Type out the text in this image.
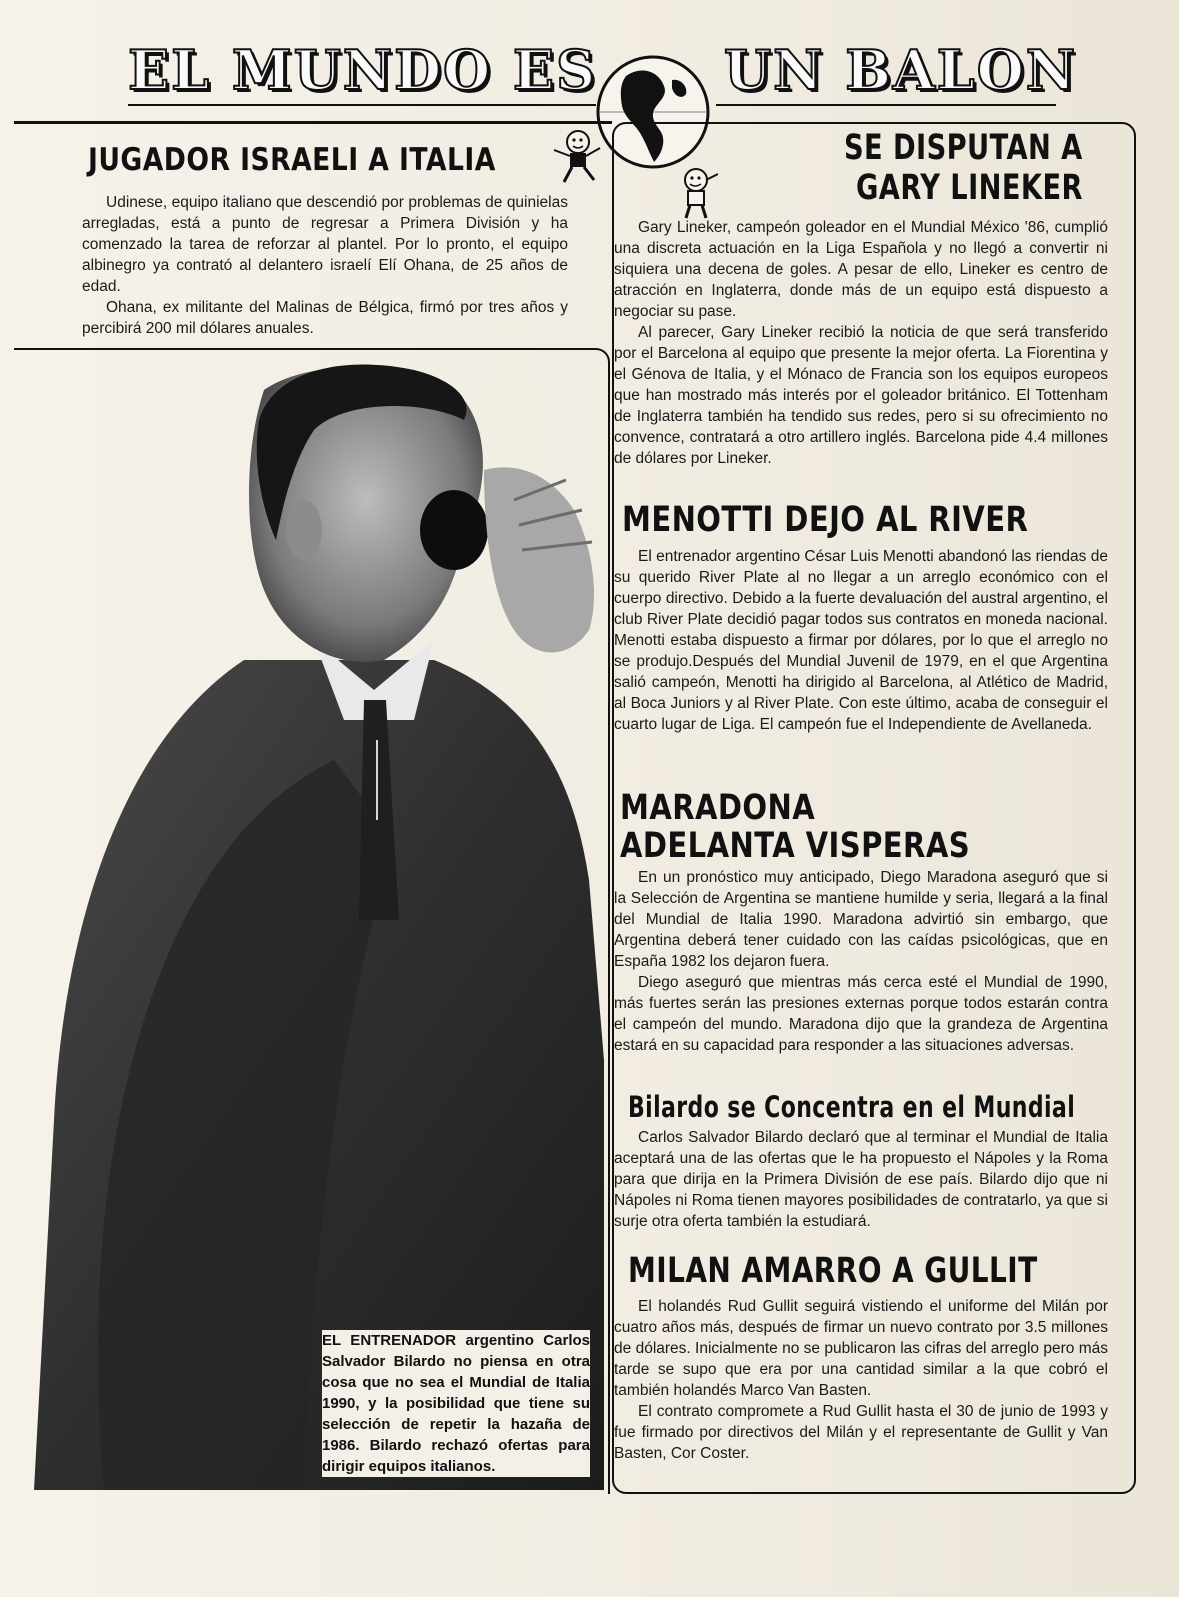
EL MUNDO ES UN BALON
JUGADOR ISRAELI A ITALIA

Udinese, equipo italiano que descendió por problemas de quinielas arregladas, está a punto de regresar a Primera División y ha comenzado la tarea de reforzar al plantel. Por lo pronto, el equipo albinegro ya contrató al delantero israelí Elí Ohana, de 25 años de edad.

Ohana, ex militante del Malinas de Bélgica, firmó por tres años y percibirá 200 mil dólares anuales.

SE DISPUTAN A
GARY LINEKER

Gary Lineker, campeón goleador en el Mundial México '86, cumplió una discreta actuación en la Liga Española y no llegó a convertir ni siquiera una decena de goles. A pesar de ello, Lineker es centro de atracción en Inglaterra, donde más de un equipo está dispuesto a negociar su pase.

Al parecer, Gary Lineker recibió la noticia de que será transferido por el Barcelona al equipo que presente la mejor oferta. La Fiorentina y el Génova de Italia, y el Mónaco de Francia son los equipos europeos que han mostrado más interés por el goleador británico. El Tottenham de Inglaterra también ha tendido sus redes, pero si su ofrecimiento no convence, contratará a otro artillero inglés. Barcelona pide 4.4 millones de dólares por Lineker.

MENOTTI DEJO AL RIVER

El entrenador argentino César Luis Menotti abandonó las riendas de su querido River Plate al no llegar a un arreglo económico con el cuerpo directivo. Debido a la fuerte devaluación del austral argentino, el club River Plate decidió pagar todos sus contratos en moneda nacional. Menotti estaba dispuesto a firmar por dólares, por lo que el arreglo no se produjo.Después del Mundial Juvenil de 1979, en el que Argentina salió campeón, Menotti ha dirigido al Barcelona, al Atlético de Madrid, al Boca Juniors y al River Plate. Con este último, acaba de conseguir el cuarto lugar de Liga. El campeón fue el Independiente de Avellaneda.

MARADONA
ADELANTA VISPERAS

En un pronóstico muy anticipado, Diego Maradona aseguró que si la Selección de Argentina se mantiene humilde y seria, llegará a la final del Mundial de Italia 1990. Maradona advirtió sin embargo, que Argentina deberá tener cuidado con las caídas psicológicas, que en España 1982 los dejaron fuera.

Diego aseguró que mientras más cerca esté el Mundial de 1990, más fuertes serán las presiones externas porque todos estarán contra el campeón del mundo. Maradona dijo que la grandeza de Argentina estará en su capacidad para responder a las situaciones adversas.

Bilardo se Concentra en el Mundial

Carlos Salvador Bilardo declaró que al terminar el Mundial de Italia aceptará una de las ofertas que le ha propuesto el Nápoles y la Roma para que dirija en la Primera División de ese país. Bilardo dijo que ni Nápoles ni Roma tienen mayores posibilidades de contratarlo, ya que si surje otra oferta también la estudiará.

MILAN AMARRO A GULLIT

El holandés Rud Gullit seguirá vistiendo el uniforme del Milán por cuatro años más, después de firmar un nuevo contrato por 3.5 millones de dólares. Inicialmente no se publicaron las cifras del arreglo pero más tarde se supo que era por una cantidad similar a la que cobró el también holandés Marco Van Basten.

El contrato compromete a Rud Gullit hasta el 30 de junio de 1993 y fue firmado por directivos del Milán y el representante de Gullit y Van Basten, Cor Coster.

EL ENTRENADOR argentino Carlos Salvador Bilardo no piensa en otra cosa que no sea el Mundial de Italia 1990, y la posibilidad que tiene su selección de repetir la hazaña de 1986. Bilardo rechazó ofertas para dirigir equipos italianos.
